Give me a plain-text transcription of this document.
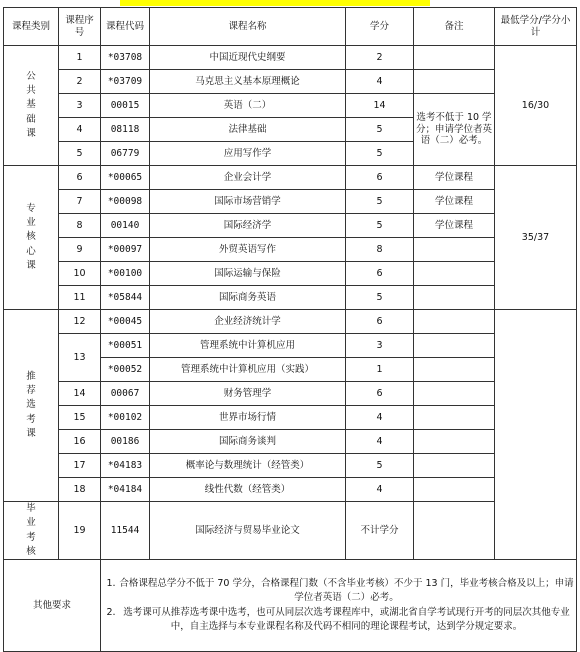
课程类别	课程序号	课程代码	课程名称	学分	备注	最低学分/学分小计

公
共
基
础
课	1	*03708	中国近现代史纲要	2		16/30
	2	*03709	马克思主义基本原理概论	4		
	3	00015	英语（二）	14	选考不低于 10 学分；申请学位者英语（二）必考。	
	4	08118	法律基础	5		
	5	06779	应用写作学	5		

专
业
核
心
课	6	*00065	企业会计学	6	学位课程	35/37
	7	*00098	国际市场营销学	5	学位课程	
	8	00140	国际经济学	5	学位课程	
	9	*00097	外贸英语写作	8		
	10	*00100	国际运输与保险	6		
	11	*05844	国际商务英语	5		

推
荐
选
考
课	12	*00045	企业经济统计学	6		
	13	*00051	管理系统中计算机应用	3		
		*00052	管理系统中计算机应用（实践）	1		
	14	00067	财务管理学	6		
	15	*00102	世界市场行情	4		
	16	00186	国际商务谈判	4		
	17	*04183	概率论与数理统计（经管类）	5		
	18	*04184	线性代数（经管类）	4		

毕
业
考
核	19	11544	国际经济与贸易毕业论文	不计学分		
其他要求		1. 合格课程总学分不低于 70 学分，合格课程门数（不含毕业考核）不少于 13 门，毕业考核合格及以上；申请学位者英语（二）必考。
2. 选考课可从推荐选考课中选考，也可从同层次选考课程库中，或湖北省自学考试现行开考的同层次其他专业中，自主选择与本专业课程名称及代码不相同的理论课程考试，达到学分规定要求。				
